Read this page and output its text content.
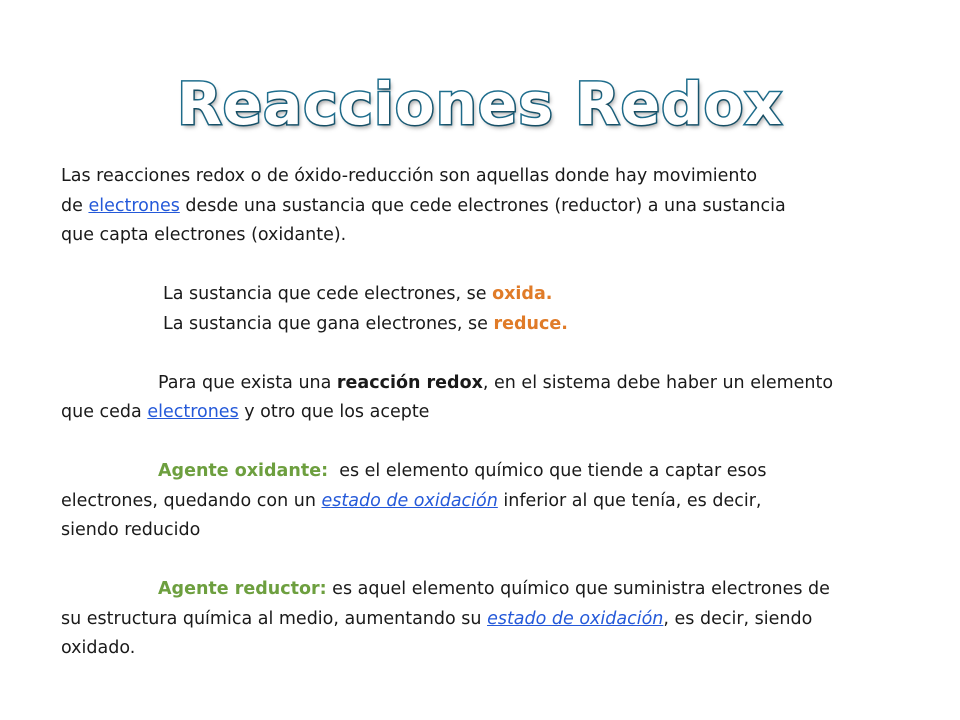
Reacciones Redox

Las reacciones redox o de óxido-reducción son aquellas donde hay movimiento

de electrones desde una sustancia que cede electrones (reductor) a una sustancia

que capta electrones (oxidante).

La sustancia que cede electrones, se oxida.

La sustancia que gana electrones, se reduce.

Para que exista una reacción redox, en el sistema debe haber un elemento

que ceda electrones y otro que los acepte

Agente oxidante:  es el elemento químico que tiende a captar esos

electrones, quedando con un estado de oxidación inferior al que tenía, es decir,

siendo reducido

Agente reductor: es aquel elemento químico que suministra electrones de

su estructura química al medio, aumentando su estado de oxidación, es decir, siendo

oxidado.
